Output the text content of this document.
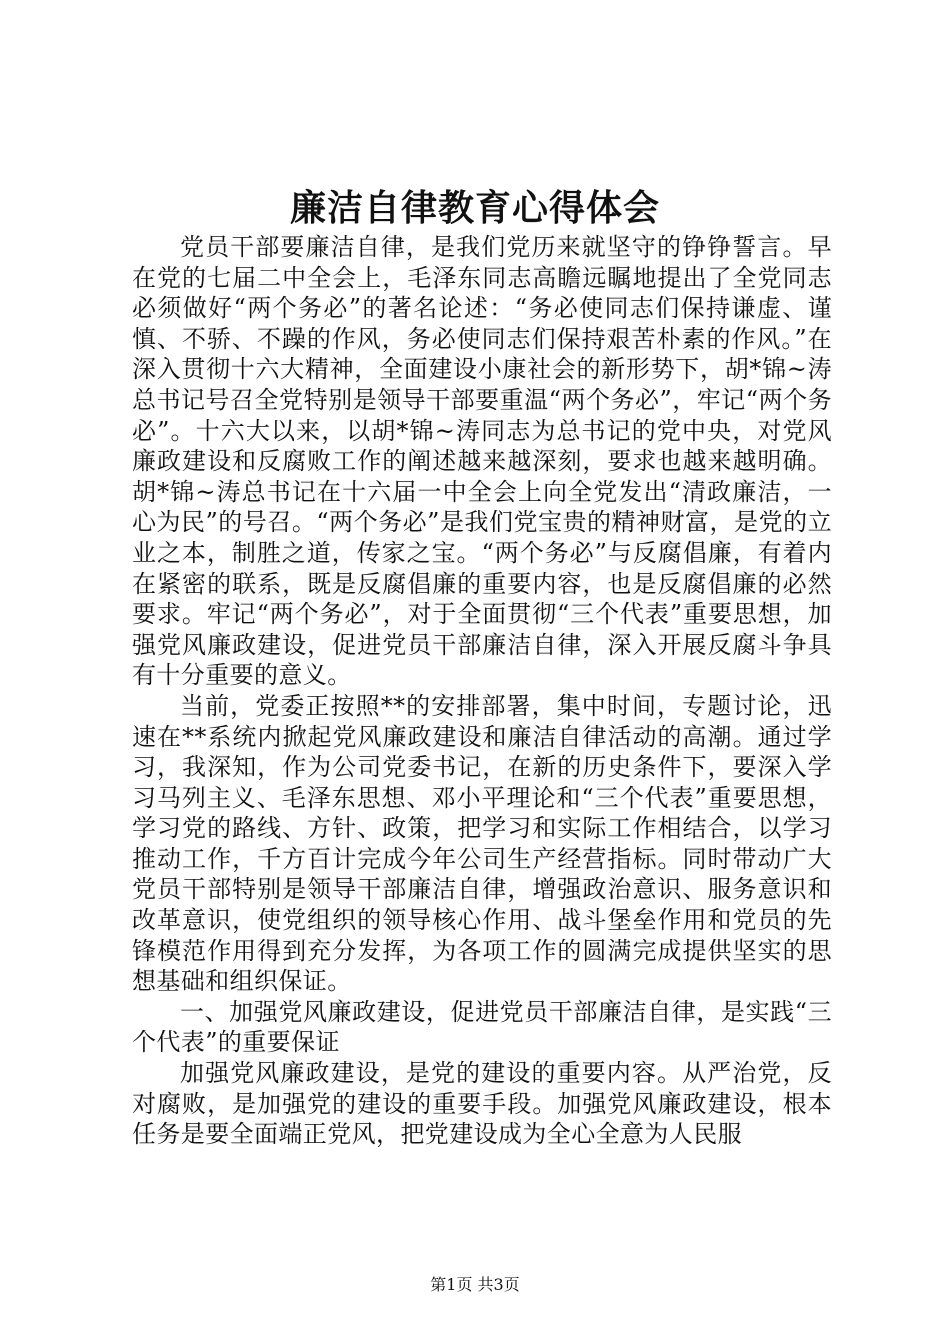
廉洁自律教育心得体会

党员干部要廉洁自律，是我们党历来就坚守的铮铮誓言。早在党的七届二中全会上，毛泽东同志高瞻远瞩地提出了全党同志必须做好“两个务必”的著名论述：“务必使同志们保持谦虚、谨慎、不骄、不躁的作风，务必使同志们保持艰苦朴素的作风。”在深入贯彻十六大精神，全面建设小康社会的新形势下，胡*锦~涛总书记号召全党特别是领导干部要重温“两个务必”，牢记“两个务必”。十六大以来，以胡*锦~涛同志为总书记的党中央，对党风廉政建设和反腐败工作的阐述越来越深刻，要求也越来越明确。胡*锦~涛总书记在十六届一中全会上向全党发出“清政廉洁，一心为民”的号召。“两个务必”是我们党宝贵的精神财富，是党的立业之本，制胜之道，传家之宝。“两个务必”与反腐倡廉，有着内在紧密的联系，既是反腐倡廉的重要内容，也是反腐倡廉的必然要求。牢记“两个务必”，对于全面贯彻“三个代表”重要思想，加强党风廉政建设，促进党员干部廉洁自律，深入开展反腐斗争具有十分重要的意义。

当前，党委正按照**的安排部署，集中时间，专题讨论，迅速在**系统内掀起党风廉政建设和廉洁自律活动的高潮。通过学习，我深知，作为公司党委书记，在新的历史条件下，要深入学习马列主义、毛泽东思想、邓小平理论和“三个代表”重要思想，学习党的路线、方针、政策，把学习和实际工作相结合，以学习推动工作，千方百计完成今年公司生产经营指标。同时带动广大党员干部特别是领导干部廉洁自律，增强政治意识、服务意识和改革意识，使党组织的领导核心作用、战斗堡垒作用和党员的先锋模范作用得到充分发挥，为各项工作的圆满完成提供坚实的思想基础和组织保证。

一、加强党风廉政建设，促进党员干部廉洁自律，是实践“三个代表”的重要保证

加强党风廉政建设，是党的建设的重要内容。从严治党，反对腐败，是加强党的建设的重要手段。加强党风廉政建设，根本任务是要全面端正党风，把党建设成为全心全意为人民服

第1页 共3页
